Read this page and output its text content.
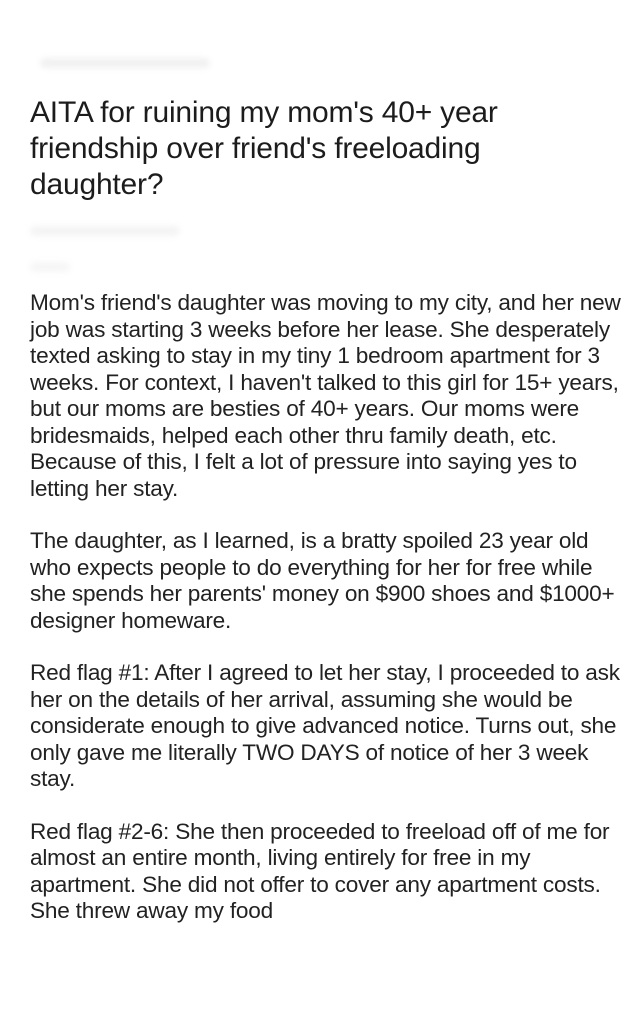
AITA for ruining my mom's 40+ year friendship over friend's freeloading daughter?

Mom's friend's daughter was moving to my city, and her new job was starting 3 weeks before her lease. She desperately texted asking to stay in my tiny 1 bedroom apartment for 3 weeks. For context, I haven't talked to this girl for 15+ years, but our moms are besties of 40+ years. Our moms were bridesmaids, helped each other thru family death, etc. Because of this, I felt a lot of pressure into saying yes to letting her stay.

The daughter, as I learned, is a bratty spoiled 23 year old who expects people to do everything for her for free while she spends her parents' money on $900 shoes and $1000+ designer homeware.

Red flag #1: After I agreed to let her stay, I proceeded to ask her on the details of her arrival, assuming she would be considerate enough to give advanced notice. Turns out, she only gave me literally TWO DAYS of notice of her 3 week stay.

Red flag #2-6: She then proceeded to freeload off of me for almost an entire month, living entirely for free in my apartment. She did not offer to cover any apartment costs. She threw away my food
